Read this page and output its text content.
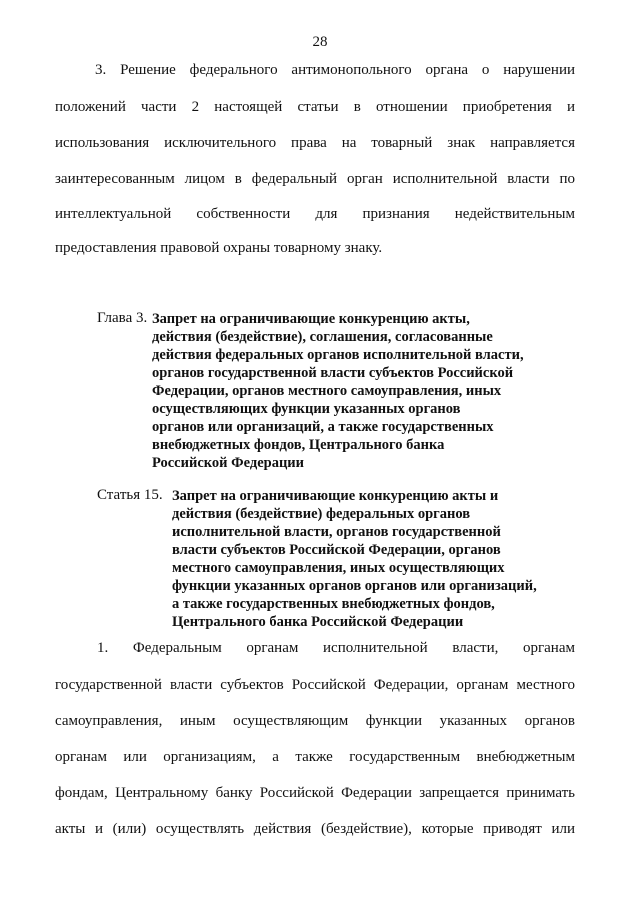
28
3. Решение федерального антимонопольного органа о нарушении
положений части 2 настоящей статьи в отношении приобретения и
использования исключительного права на товарный знак направляется
заинтересованным лицом в федеральный орган исполнительной власти по
интеллектуальной собственности для признания недействительным
предоставления правовой охраны товарному знаку.
Глава 3. Запрет на ограничивающие конкуренцию акты,
действия (бездействие), соглашения, согласованные
действия федеральных органов исполнительной власти,
органов государственной власти субъектов Российской
Федерации, органов местного самоуправления, иных
осуществляющих функции указанных органов
органов или организаций, а также государственных
внебюджетных фондов, Центрального банка
Российской Федерации
Статья 15. Запрет на ограничивающие конкуренцию акты и
действия (бездействие) федеральных органов
исполнительной власти, органов государственной
власти субъектов Российской Федерации, органов
местного самоуправления, иных осуществляющих
функции указанных органов органов или организаций,
а также государственных внебюджетных фондов,
Центрального банка Российской Федерации
1. Федеральным органам исполнительной власти, органам
государственной власти субъектов Российской Федерации, органам местного
самоуправления, иным осуществляющим функции указанных органов
органам или организациям, а также государственным внебюджетным
фондам, Центральному банку Российской Федерации запрещается принимать
акты и (или) осуществлять действия (бездействие), которые приводят или
